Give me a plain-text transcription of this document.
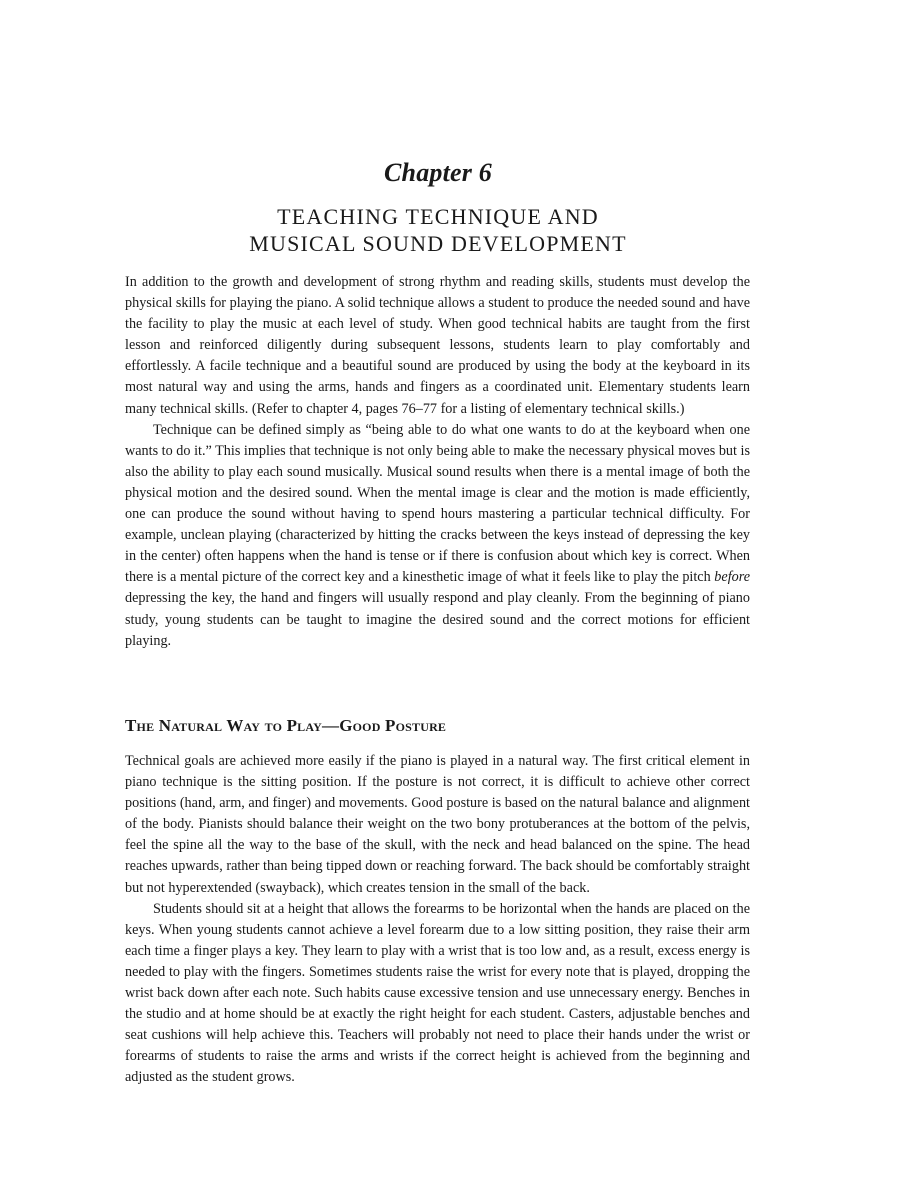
Chapter 6
TEACHING TECHNIQUE AND
MUSICAL SOUND DEVELOPMENT

In addition to the growth and development of strong rhythm and reading skills, students must develop the physical skills for playing the piano. A solid technique allows a student to produce the needed sound and have the facility to play the music at each level of study. When good technical habits are taught from the first lesson and reinforced diligently during subsequent lessons, students learn to play comfortably and effortlessly. A facile technique and a beautiful sound are produced by using the body at the keyboard in its most natural way and using the arms, hands and fingers as a coordinated unit. Elementary students learn many technical skills. (Refer to chapter 4, pages 76–77 for a listing of elementary technical skills.)

Technique can be defined simply as “being able to do what one wants to do at the keyboard when one wants to do it.” This implies that technique is not only being able to make the necessary physical moves but is also the ability to play each sound musically. Musical sound results when there is a mental image of both the physical motion and the desired sound. When the mental image is clear and the motion is made efficiently, one can produce the sound without having to spend hours mastering a particular technical difficulty. For example, unclean playing (characterized by hitting the cracks between the keys instead of depressing the key in the center) often happens when the hand is tense or if there is confusion about which key is correct. When there is a mental picture of the correct key and a kinesthetic image of what it feels like to play the pitch before depressing the key, the hand and fingers will usually respond and play cleanly. From the beginning of piano study, young students can be taught to imagine the desired sound and the correct motions for efficient playing.

The Natural Way to Play—Good Posture

Technical goals are achieved more easily if the piano is played in a natural way. The first critical element in piano technique is the sitting position. If the posture is not correct, it is difficult to achieve other correct positions (hand, arm, and finger) and movements. Good posture is based on the natural balance and alignment of the body. Pianists should balance their weight on the two bony protuberances at the bottom of the pelvis, feel the spine all the way to the base of the skull, with the neck and head balanced on the spine. The head reaches upwards, rather than being tipped down or reaching forward. The back should be comfortably straight but not hyperextended (swayback), which creates tension in the small of the back.

Students should sit at a height that allows the forearms to be horizontal when the hands are placed on the keys. When young students cannot achieve a level forearm due to a low sitting position, they raise their arm each time a finger plays a key. They learn to play with a wrist that is too low and, as a result, excess energy is needed to play with the fingers. Sometimes students raise the wrist for every note that is played, dropping the wrist back down after each note. Such habits cause excessive tension and use unnecessary energy. Benches in the studio and at home should be at exactly the right height for each student. Casters, adjustable benches and seat cushions will help achieve this. Teachers will probably not need to place their hands under the wrist or forearms of students to raise the arms and wrists if the correct height is achieved from the beginning and adjusted as the student grows.
